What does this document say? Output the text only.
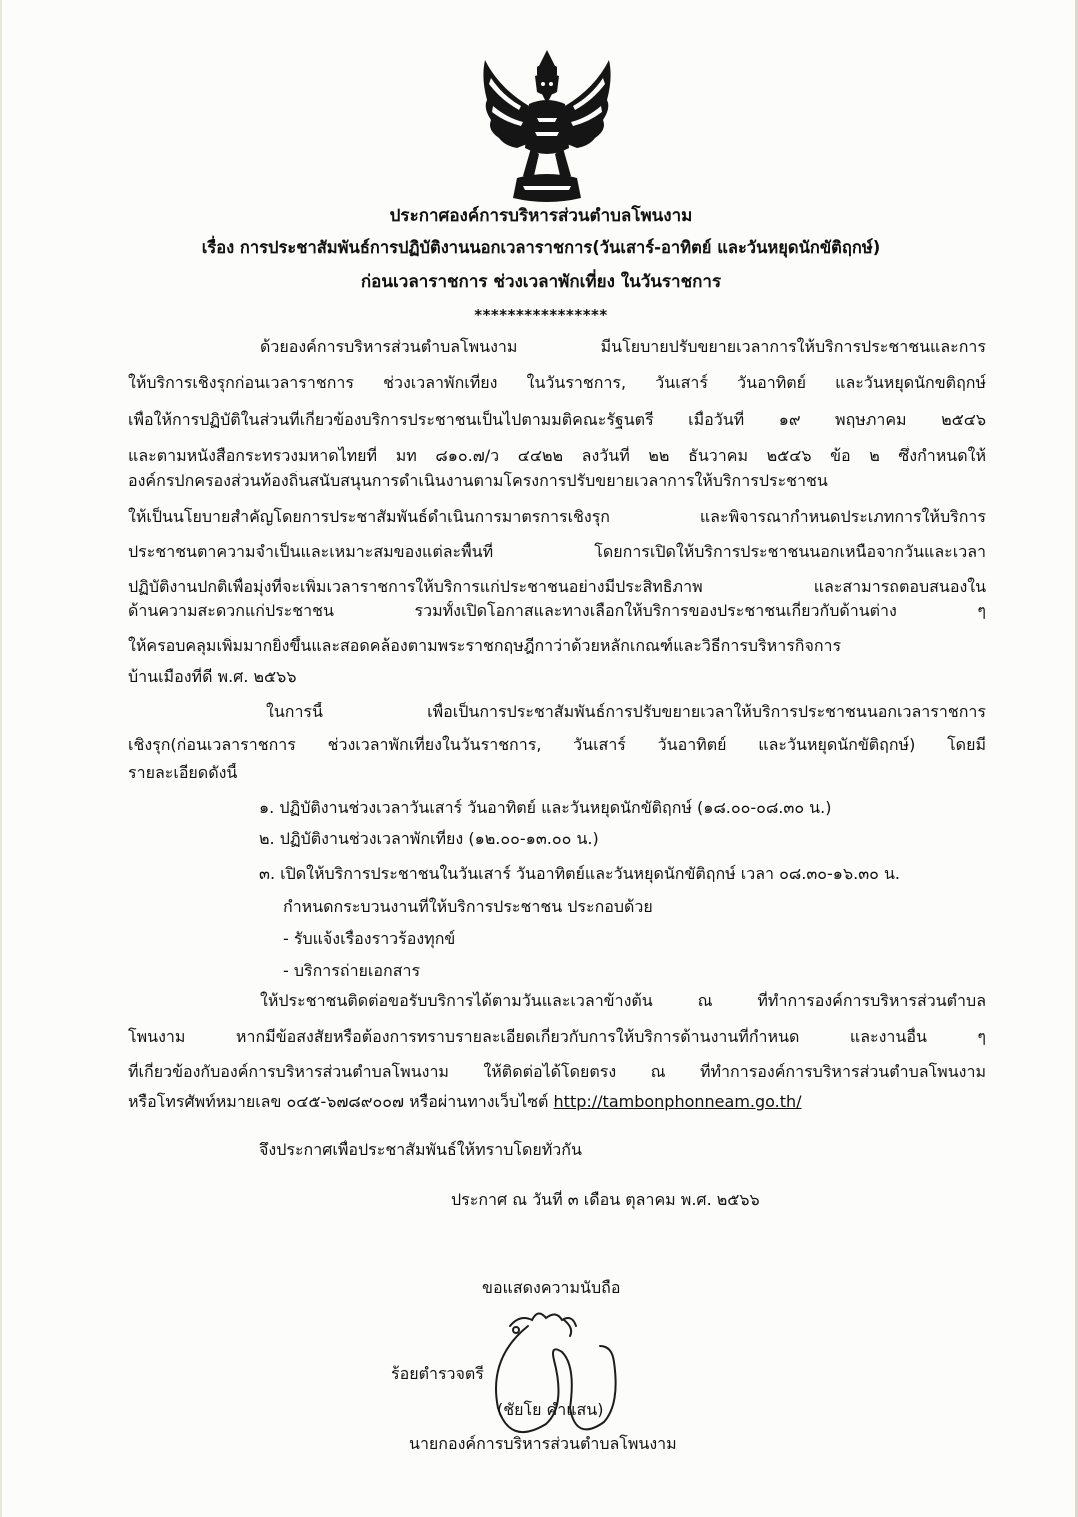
ประกาศองค์การบริหารส่วนตำบลโพนงาม
เรื่อง การประชาสัมพันธ์การปฏิบัติงานนอกเวลาราชการ(วันเสาร์-อาทิตย์ และวันหยุดนักขัติฤกษ์)
ก่อนเวลาราชการ ช่วงเวลาพักเที่ยง ในวันราชการ
****************
ด้วยองค์การบริหารส่วนตำบลโพนงาม มีนโยบายปรับขยายเวลาการให้บริการประชาชนและการ
ให้บริการเชิงรุกก่อนเวลาราชการ ช่วงเวลาพักเที่ยง ในวันราชการ, วันเสาร์ วันอาทิตย์ และวันหยุดนักขติฤกษ์
เพื่อให้การปฏิบัติในส่วนที่เกี่ยวข้องบริการประชาชนเป็นไปตามมติคณะรัฐนตรี เมื่อวันที่ ๑๙ พฤษภาคม ๒๕๔๖
และตามหนังสือกระทรวงมหาดไทยที่ มท ๘๑๐.๗/ว ๔๔๒๒ ลงวันที่ ๒๒ ธันวาคม ๒๕๔๖ ข้อ ๒ ซึ่งกำหนดให้
องค์กรปกครองส่วนท้องถิ่นสนับสนุนการดำเนินงานตามโครงการปรับขยายเวลาการให้บริการประชาชน
ให้เป็นนโยบายสำคัญโดยการประชาสัมพันธ์ดำเนินการมาตรการเชิงรุก และพิจารณากำหนดประเภทการให้บริการ
ประชาชนตาความจำเป็นและเหมาะสมของแต่ละพื้นที่ โดยการเปิดให้บริการประชาชนนอกเหนือจากวันและเวลา
ปฏิบัติงานปกติเพื่อมุ่งที่จะเพิ่มเวลาราชการให้บริการแก่ประชาชนอย่างมีประสิทธิภาพ และสามารถตอบสนองใน
ด้านความสะดวกแก่ประชาชน รวมทั้งเปิดโอกาสและทางเลือกให้บริการของประชาชนเกี่ยวกับด้านต่าง ๆ
ให้ครอบคลุมเพิ่มมากยิ่งขึ้นและสอดคล้องตามพระราชกฤษฎีกาว่าด้วยหลักเกณฑ์และวิธีการบริหารกิจการ
บ้านเมืองที่ดี พ.ศ. ๒๕๖๖
ในการนี้ เพื่อเป็นการประชาสัมพันธ์การปรับขยายเวลาให้บริการประชาชนนอกเวลาราชการ
เชิงรุก(ก่อนเวลาราชการ ช่วงเวลาพักเที่ยงในวันราชการ, วันเสาร์ วันอาทิตย์ และวันหยุดนักขัติฤกษ์) โดยมี
รายละเอียดดังนี้
๑. ปฏิบัติงานช่วงเวลาวันเสาร์ วันอาทิตย์ และวันหยุดนักขัติฤกษ์ (๑๘.๐๐-๐๘.๓๐ น.)
๒. ปฏิบัติงานช่วงเวลาพักเที่ยง (๑๒.๐๐-๑๓.๐๐ น.)
๓. เปิดให้บริการประชาชนในวันเสาร์ วันอาทิตย์และวันหยุดนักขัติฤกษ์ เวลา ๐๘.๓๐-๑๖.๓๐ น.
กำหนดกระบวนงานที่ให้บริการประชาชน ประกอบด้วย
- รับแจ้งเรื่องราวร้องทุกข์
- บริการถ่ายเอกสาร
ให้ประชาชนติดต่อขอรับบริการได้ตามวันและเวลาข้างต้น ณ ที่ทำการองค์การบริหารส่วนตำบล
โพนงาม หากมีข้อสงสัยหรือต้องการทราบรายละเอียดเกี่ยวกับการให้บริการด้านงานที่กำหนด และงานอื่น ๆ
ที่เกี่ยวข้องกับองค์การบริหารส่วนตำบลโพนงาม ให้ติดต่อได้โดยตรง ณ ที่ทำการองค์การบริหารส่วนตำบลโพนงาม
หรือโทรศัพท์หมายเลข ๐๔๕-๖๗๘๙๐๐๗ หรือผ่านทางเว็บไซต์ http://tambonphonneam.go.th/
จึงประกาศเพื่อประชาสัมพันธ์ให้ทราบโดยทั่วกัน
ประกาศ ณ วันที่ ๓ เดือน ตุลาคม พ.ศ. ๒๕๖๖
ขอแสดงความนับถือ
ร้อยตำรวจตรี
(ชัยโย คำแสน)
นายกองค์การบริหารส่วนตำบลโพนงาม
